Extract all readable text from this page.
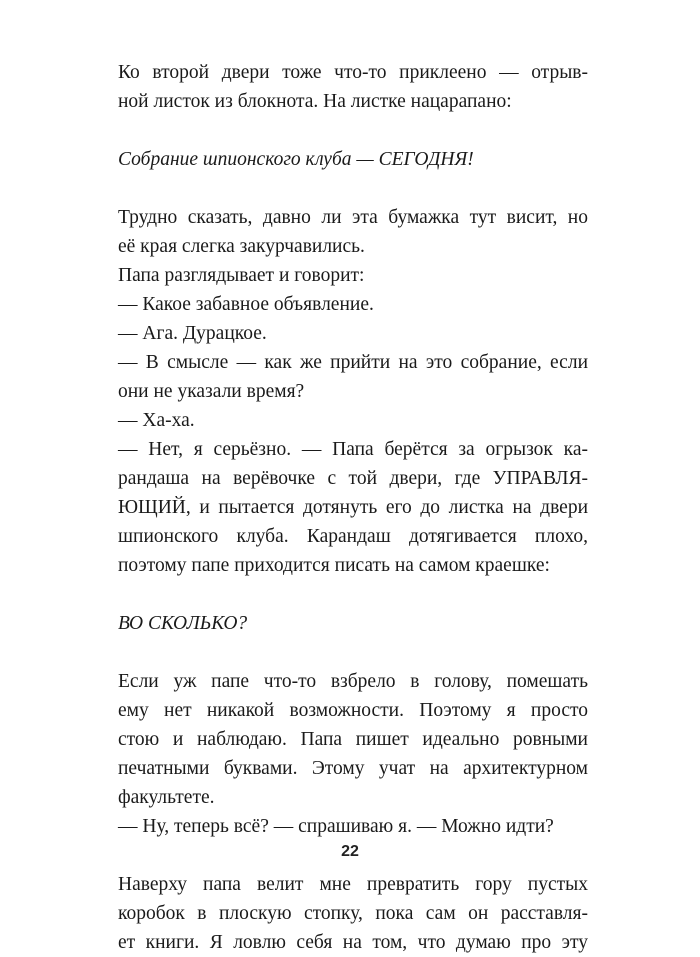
Ко второй двери тоже что-то приклеено — отрыв-
ной листок из блокнота. На листке нацарапано:
Собрание шпионского клуба — СЕГОДНЯ!
Трудно сказать, давно ли эта бумажка тут висит, но
её края слегка закурчавились.
Папа разглядывает и говорит:
— Какое забавное объявление.
— Ага. Дурацкое.
— В смысле — как же прийти на это собрание, если
они не указали время?
— Ха-ха.
— Нет, я серьёзно. — Папа берётся за огрызок ка-
рандаша на верёвочке с той двери, где УПРАВЛЯ-
ЮЩИЙ, и пытается дотянуть его до листка на двери
шпионского клуба. Карандаш дотягивается плохо,
поэтому папе приходится писать на самом краешке:
ВО СКОЛЬКО?
Если уж папе что-то взбрело в голову, помешать
ему нет никакой возможности. Поэтому я просто
стою и наблюдаю. Папа пишет идеально ровными
печатными буквами. Этому учат на архитектурном
факультете.
— Ну, теперь всё? — спрашиваю я. — Можно идти?
Наверху папа велит мне превратить гору пустых
коробок в плоскую стопку, пока сам он расставля-
ет книги. Я ловлю себя на том, что думаю про эту
22
